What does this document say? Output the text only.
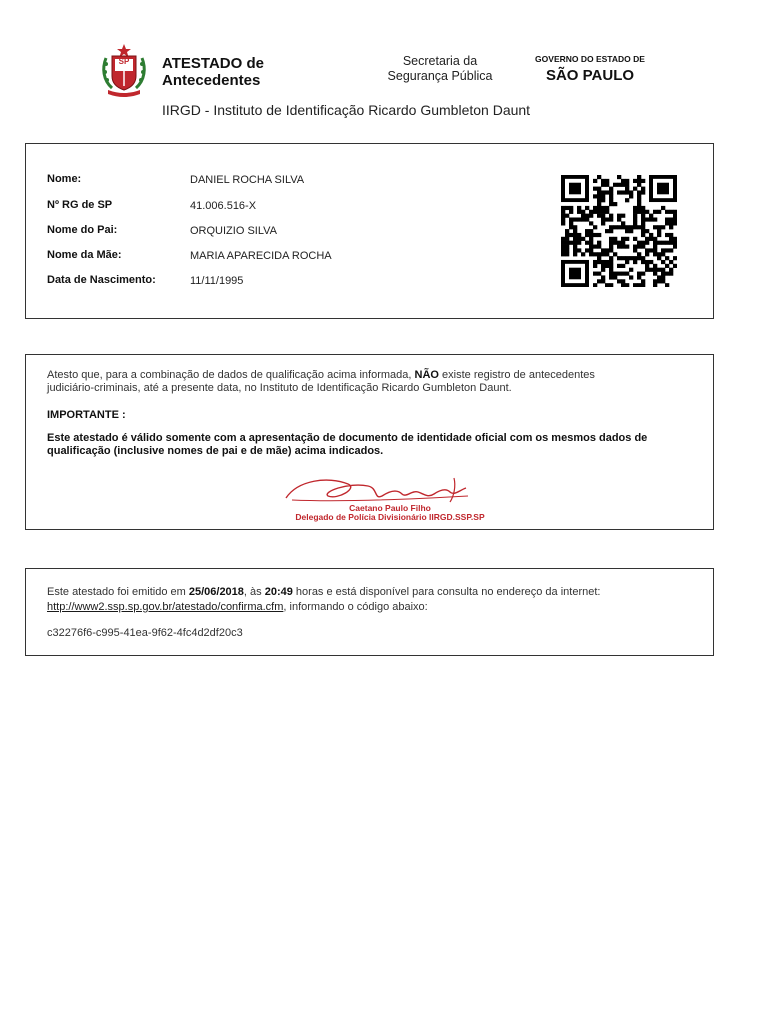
SP ATESTADO de
Antecedentes
Secretaria da
Segurança Pública
GOVERNO DO ESTADO DE
SÃO PAULO
IIRGD - Instituto de Identificação Ricardo Gumbleton Daunt
Nome:	DANIEL ROCHA SILVA
Nº RG de SP	41.006.516-X
Nome do Pai:	ORQUIZIO SILVA
Nome da Mãe:	MARIA APARECIDA ROCHA
Data de Nascimento:	11/11/1995
Atesto que, para a combinação de dados de qualificação acima informada, NÃO existe registro de antecedentes
judiciário-criminais, até a presente data, no Instituto de Identificação Ricardo Gumbleton Daunt.
IMPORTANTE :
Este atestado é válido somente com a apresentação de documento de identidade oficial com os mesmos dados de
qualificação (inclusive nomes de pai e de mãe) acima indicados.
Caetano Paulo Filho
Delegado de Polícia Divisionário IIRGD.SSP.SP
Este atestado foi emitido em 25/06/2018, às 20:49 horas e está disponível para consulta no endereço da internet:
http://www2.ssp.sp.gov.br/atestado/confirma.cfm, informando o código abaixo:
c32276f6-c995-41ea-9f62-4fc4d2df20c3
